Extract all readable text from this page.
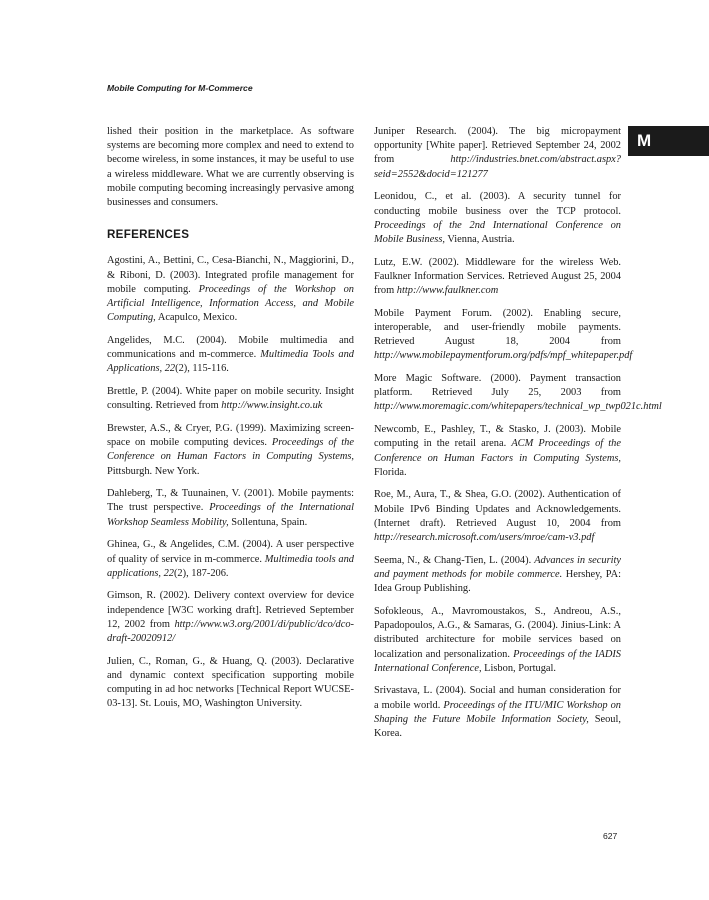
Mobile Computing for M-Commerce
M

lished their position in the marketplace. As software systems are becoming more complex and need to extend to become wireless, in some instances, it may be useful to use a wireless middleware. What we are currently observing is mobile computing becoming increasingly pervasive among businesses and consumers.

REFERENCES

Agostini, A., Bettini, C., Cesa-Bianchi, N., Maggiorini, D., & Riboni, D. (2003). Integrated profile management for mobile computing. Proceedings of the Workshop on Artificial Intelligence, Information Access, and Mobile Computing, Acapulco, Mexico.

Angelides, M.C. (2004). Mobile multimedia and communications and m-commerce. Multimedia Tools and Applications, 22(2), 115-116.

Brettle, P. (2004). White paper on mobile security. Insight consulting. Retrieved from http://www.insight.co.uk

Brewster, A.S., & Cryer, P.G. (1999). Maximizing screen-space on mobile computing devices. Proceedings of the Conference on Human Factors in Computing Systems, Pittsburgh. New York.

Dahleberg, T., & Tuunainen, V. (2001). Mobile payments: The trust perspective. Proceedings of the International Workshop Seamless Mobility, Sollentuna, Spain.

Ghinea, G., & Angelides, C.M. (2004). A user perspective of quality of service in m-commerce. Multimedia tools and applications, 22(2), 187-206.

Gimson, R. (2002). Delivery context overview for device independence [W3C working draft]. Retrieved September 12, 2002 from http://www.w3.org/2001/di/public/dco/dco-draft-20020912/

Julien, C., Roman, G., & Huang, Q. (2003). Declarative and dynamic context specification supporting mobile computing in ad hoc networks [Technical Report WUCSE-03-13]. St. Louis, MO, Washington University.

Juniper Research. (2004). The big micropayment opportunity [White paper]. Retrieved September 24, 2002 from http://industries.bnet.com/abstract.aspx?seid=2552&docid=121277

Leonidou, C., et al. (2003). A security tunnel for conducting mobile business over the TCP protocol. Proceedings of the 2nd International Conference on Mobile Business, Vienna, Austria.

Lutz, E.W. (2002). Middleware for the wireless Web. Faulkner Information Services. Retrieved August 25, 2004 from http://www.faulkner.com

Mobile Payment Forum. (2002). Enabling secure, interoperable, and user-friendly mobile payments. Retrieved August 18, 2004 from http://www.mobilepaymentforum.org/pdfs/mpf_whitepaper.pdf

More Magic Software. (2000). Payment transaction platform. Retrieved July 25, 2003 from http://www.moremagic.com/whitepapers/technical_wp_twp021c.html

Newcomb, E., Pashley, T., & Stasko, J. (2003). Mobile computing in the retail arena. ACM Proceedings of the Conference on Human Factors in Computing Systems, Florida.

Roe, M., Aura, T., & Shea, G.O. (2002). Authentication of Mobile IPv6 Binding Updates and Acknowledgements. (Internet draft). Retrieved August 10, 2004 from http://research.microsoft.com/users/mroe/cam-v3.pdf

Seema, N., & Chang-Tien, L. (2004). Advances in security and payment methods for mobile commerce. Hershey, PA: Idea Group Publishing.

Sofokleous, A., Mavromoustakos, S., Andreou, A.S., Papadopoulos, A.G., & Samaras, G. (2004). Jinius-Link: A distributed architecture for mobile services based on localization and personalization. Proceedings of the IADIS International Conference, Lisbon, Portugal.

Srivastava, L. (2004). Social and human consideration for a mobile world. Proceedings of the ITU/MIC Workshop on Shaping the Future Mobile Information Society, Seoul, Korea.

627
